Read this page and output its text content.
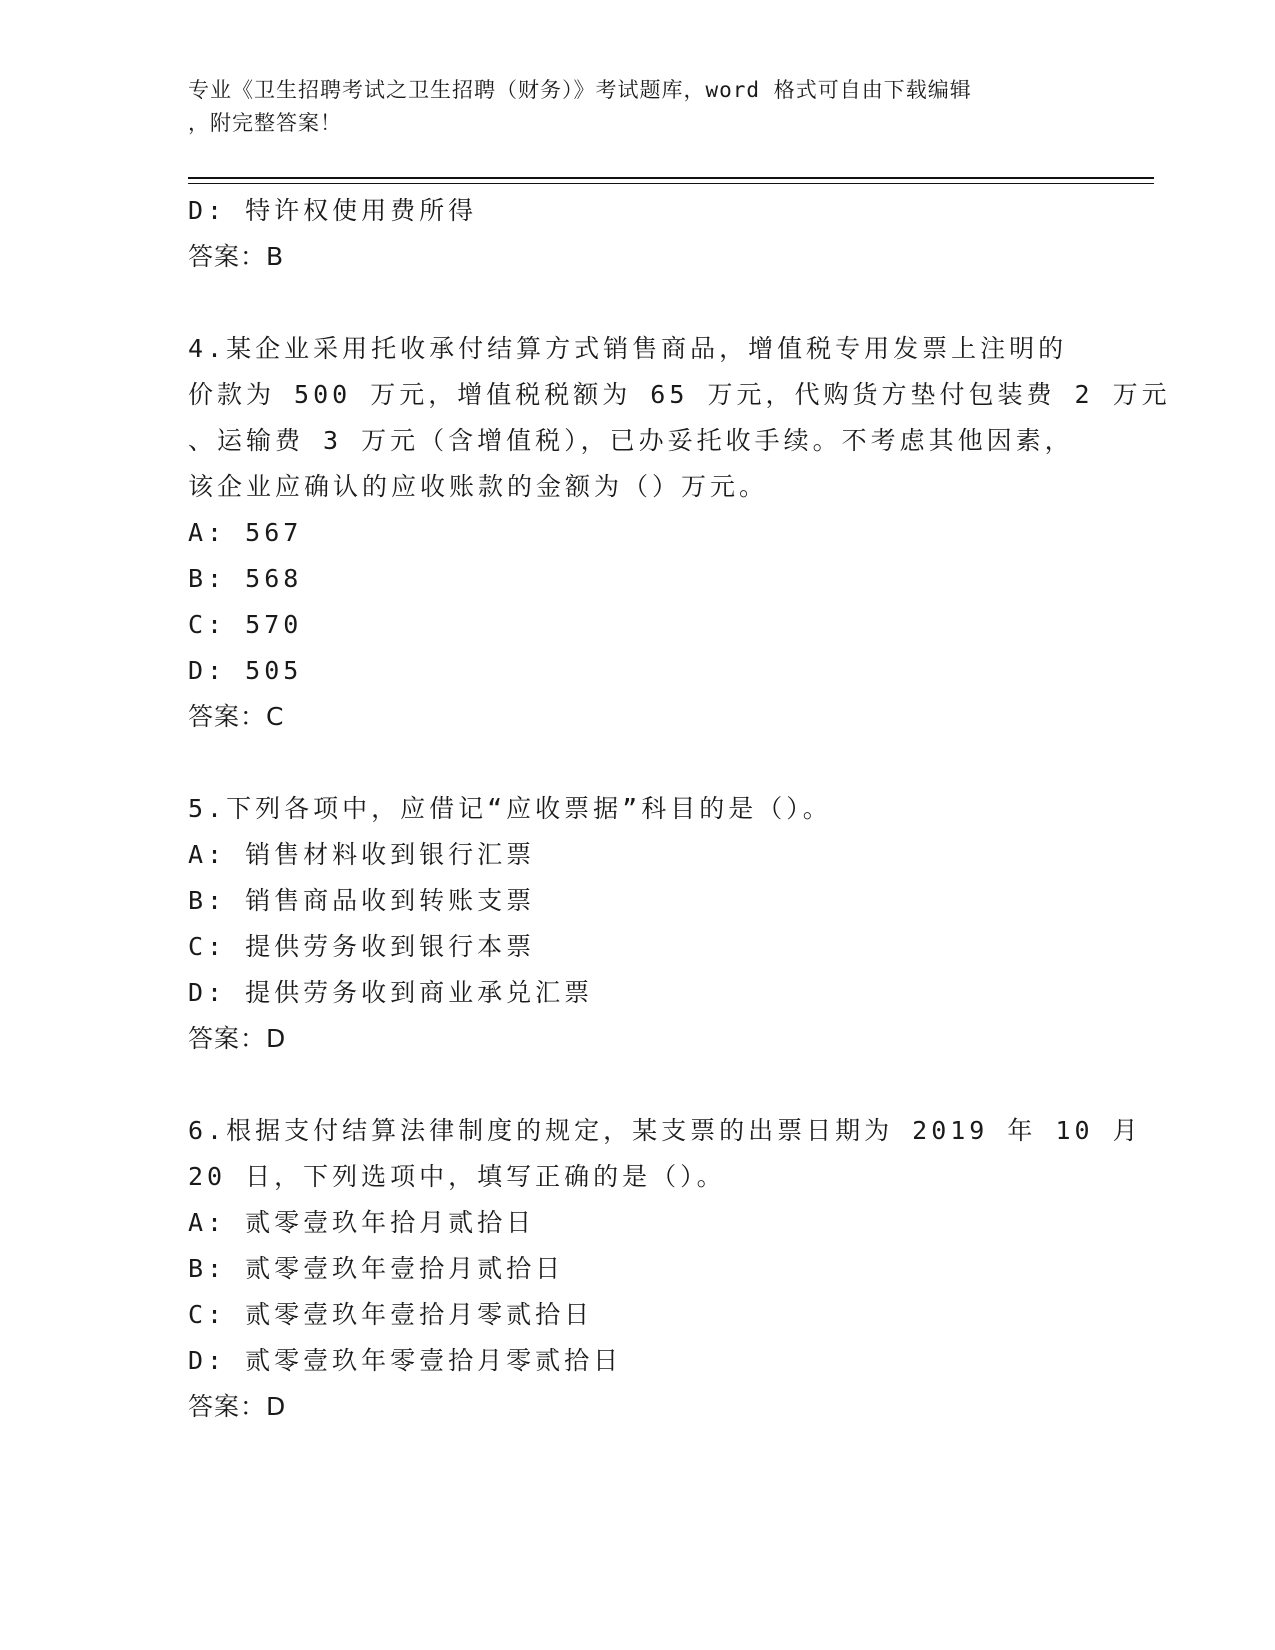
专业《卫生招聘考试之卫生招聘（财务）》考试题库，word 格式可自由下载编辑
，附完整答案！
D: 特许权使用费所得
答案：B
4.某企业采用托收承付结算方式销售商品，增值税专用发票上注明的
价款为 500 万元，增值税税额为 65 万元，代购货方垫付包装费 2 万元
、运输费 3 万元（含增值税），已办妥托收手续。不考虑其他因素，
该企业应确认的应收账款的金额为（）万元。
A: 567
B: 568
C: 570
D: 505
答案：C
5.下列各项中，应借记“应收票据”科目的是（）。
A: 销售材料收到银行汇票
B: 销售商品收到转账支票
C: 提供劳务收到银行本票
D: 提供劳务收到商业承兑汇票
答案：D
6.根据支付结算法律制度的规定，某支票的出票日期为 2019 年 10 月
20 日，下列选项中，填写正确的是（）。
A: 贰零壹玖年拾月贰拾日
B: 贰零壹玖年壹拾月贰拾日
C: 贰零壹玖年壹拾月零贰拾日
D: 贰零壹玖年零壹拾月零贰拾日
答案：D
